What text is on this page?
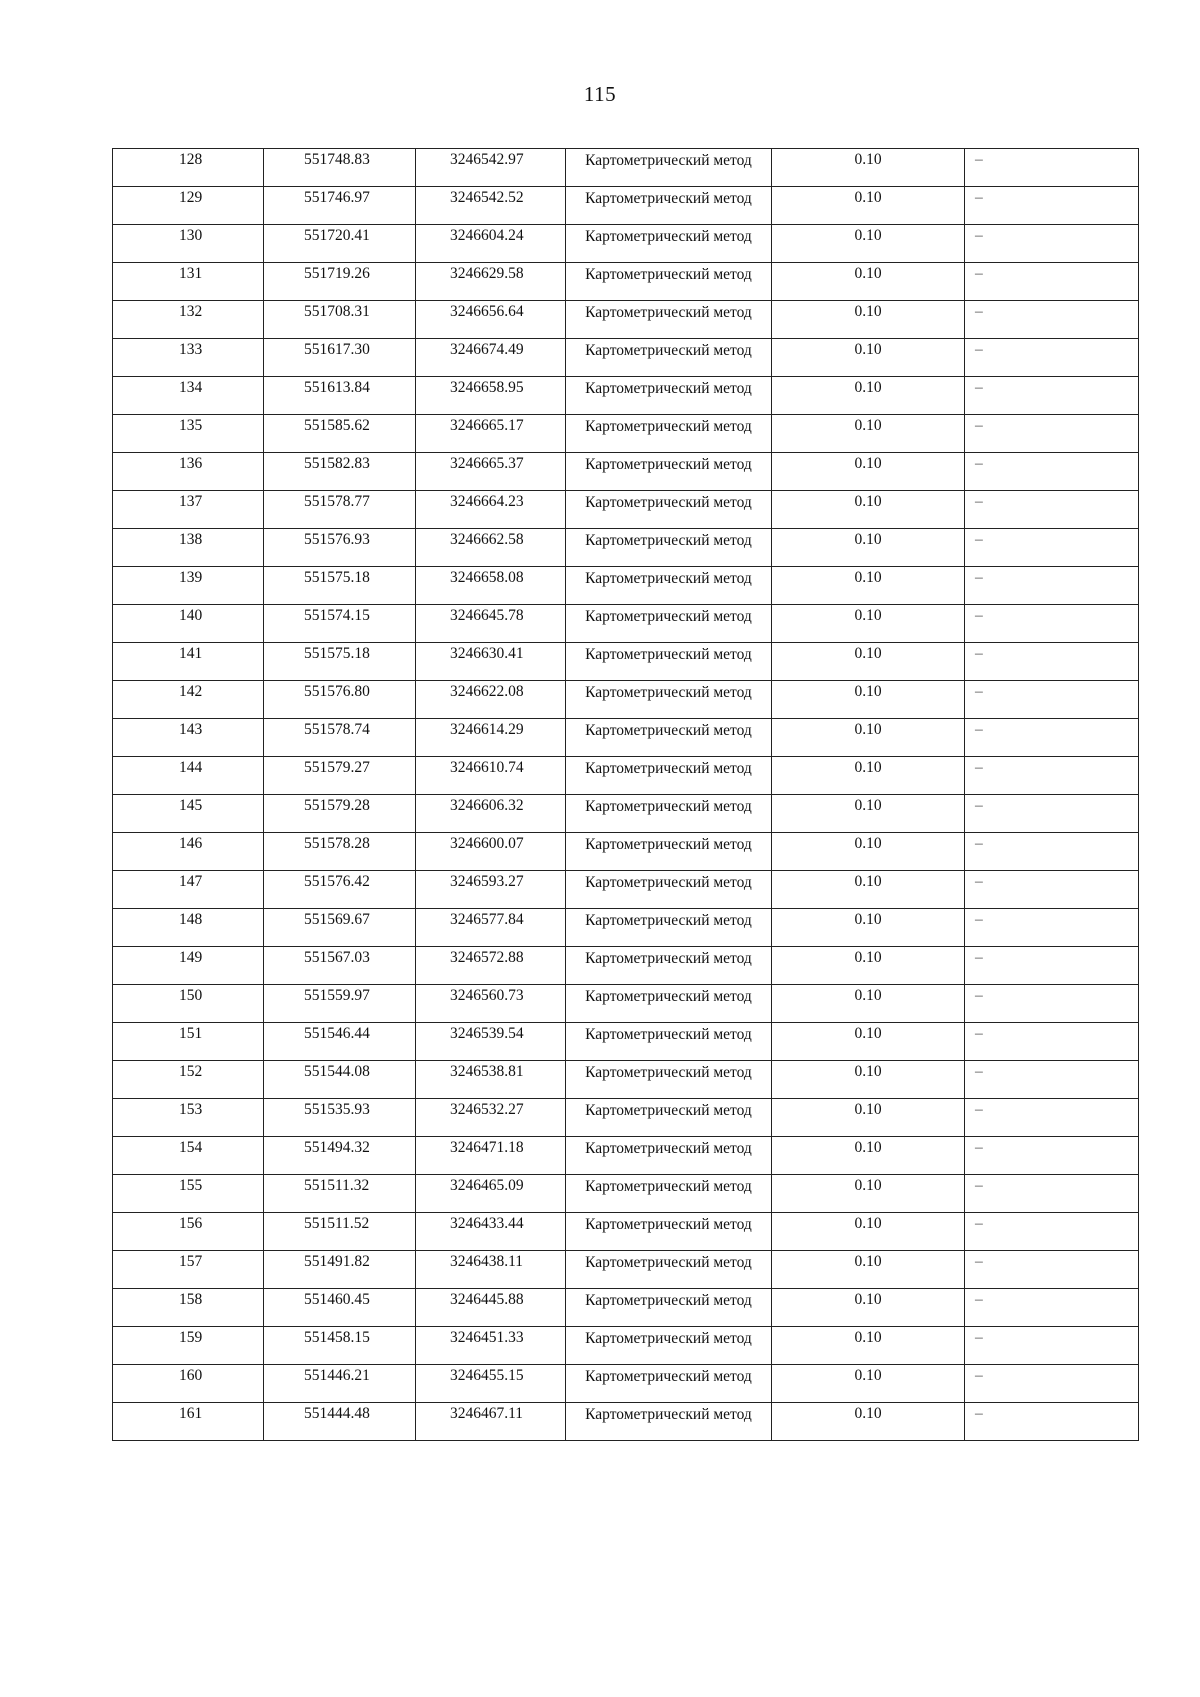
115
128	551748.83	3246542.97	Картометрический метод	0.10	–
129	551746.97	3246542.52	Картометрический метод	0.10	–
130	551720.41	3246604.24	Картометрический метод	0.10	–
131	551719.26	3246629.58	Картометрический метод	0.10	–
132	551708.31	3246656.64	Картометрический метод	0.10	–
133	551617.30	3246674.49	Картометрический метод	0.10	–
134	551613.84	3246658.95	Картометрический метод	0.10	–
135	551585.62	3246665.17	Картометрический метод	0.10	–
136	551582.83	3246665.37	Картометрический метод	0.10	–
137	551578.77	3246664.23	Картометрический метод	0.10	–
138	551576.93	3246662.58	Картометрический метод	0.10	–
139	551575.18	3246658.08	Картометрический метод	0.10	–
140	551574.15	3246645.78	Картометрический метод	0.10	–
141	551575.18	3246630.41	Картометрический метод	0.10	–
142	551576.80	3246622.08	Картометрический метод	0.10	–
143	551578.74	3246614.29	Картометрический метод	0.10	–
144	551579.27	3246610.74	Картометрический метод	0.10	–
145	551579.28	3246606.32	Картометрический метод	0.10	–
146	551578.28	3246600.07	Картометрический метод	0.10	–
147	551576.42	3246593.27	Картометрический метод	0.10	–
148	551569.67	3246577.84	Картометрический метод	0.10	–
149	551567.03	3246572.88	Картометрический метод	0.10	–
150	551559.97	3246560.73	Картометрический метод	0.10	–
151	551546.44	3246539.54	Картометрический метод	0.10	–
152	551544.08	3246538.81	Картометрический метод	0.10	–
153	551535.93	3246532.27	Картометрический метод	0.10	–
154	551494.32	3246471.18	Картометрический метод	0.10	–
155	551511.32	3246465.09	Картометрический метод	0.10	–
156	551511.52	3246433.44	Картометрический метод	0.10	–
157	551491.82	3246438.11	Картометрический метод	0.10	–
158	551460.45	3246445.88	Картометрический метод	0.10	–
159	551458.15	3246451.33	Картометрический метод	0.10	–
160	551446.21	3246455.15	Картометрический метод	0.10	–
161	551444.48	3246467.11	Картометрический метод	0.10	–
